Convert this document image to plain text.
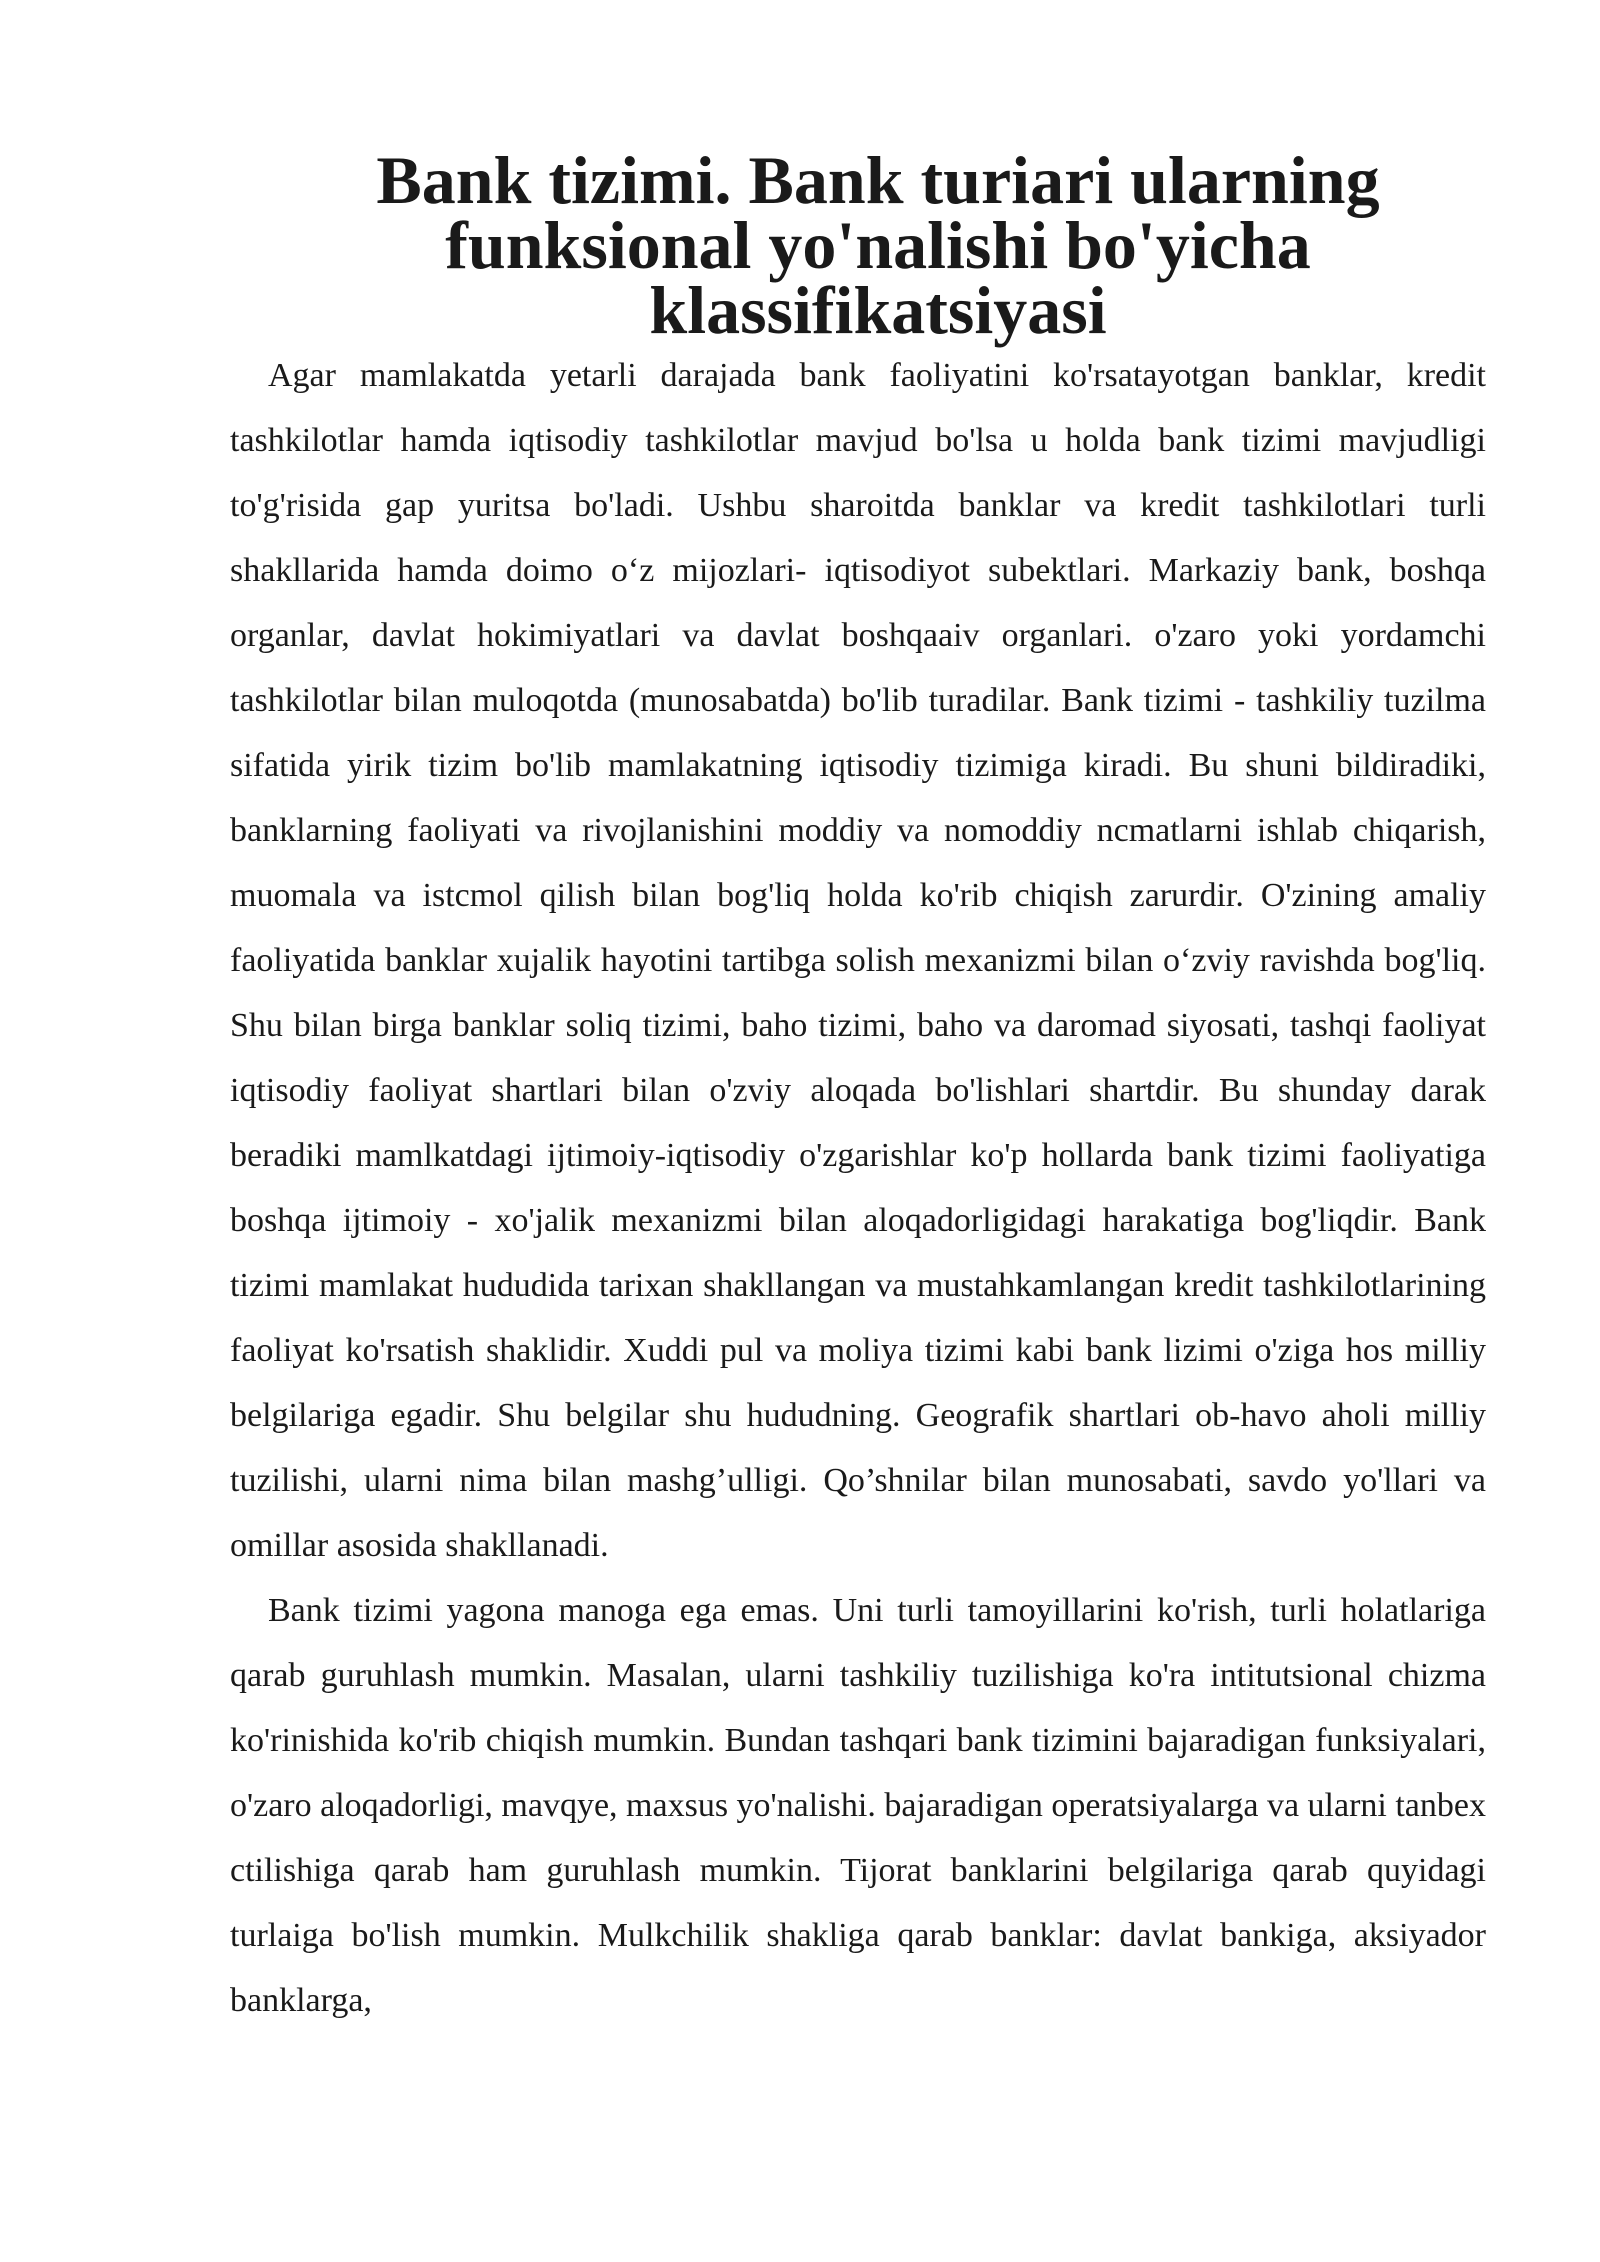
Bank tizimi. Bank turiari ularning funksional yo'nalishi bo'yicha klassifikatsiyasi

Agar mamlakatda yetarli darajada bank faoliyatini ko'rsatayotgan banklar, kredit tashkilotlar hamda iqtisodiy tashkilotlar mavjud bo'lsa u holda bank tizimi mavjudligi to'g'risida gap yuritsa bo'ladi. Ushbu sharoitda banklar va kredit tashkilotlari turli shakllarida hamda doimo o‘z mijozlari- iqtisodiyot subektlari. Markaziy bank, boshqa organlar, davlat hokimiyatlari va davlat boshqaaiv organlari. o'zaro yoki yordamchi tashkilotlar bilan muloqotda (munosabatda) bo'lib turadilar. Bank tizimi - tashkiliy tuzilma sifatida yirik tizim bo'lib mamlakatning iqtisodiy tizimiga kiradi. Bu shuni bildiradiki, banklarning faoliyati va rivojlanishini moddiy va nomoddiy ncmatlarni ishlab chiqarish, muomala va istcmol qilish bilan bog'liq holda ko'rib chiqish zarurdir. O'zining amaliy faoliyatida banklar xujalik hayotini tartibga solish mexanizmi bilan o‘zviy ravishda bog'liq. Shu bilan birga banklar soliq tizimi, baho tizimi, baho va daromad siyosati, tashqi faoliyat iqtisodiy faoliyat shartlari bilan o'zviy aloqada bo'lishlari shartdir. Bu shunday darak beradiki mamlkatdagi ijtimoiy-iqtisodiy o'zgarishlar ko'p hollarda bank tizimi faoliyatiga boshqa ijtimoiy - xo'jalik mexanizmi bilan aloqadorligidagi harakatiga bog'liqdir. Bank tizimi mamlakat hududida tarixan shakllangan va mustahkamlangan kredit tashkilotlarining faoliyat ko'rsatish shaklidir. Xuddi pul va moliya tizimi kabi bank lizimi o'ziga hos milliy belgilariga egadir. Shu belgilar shu hududning. Geografik shartlari ob-havo aholi milliy tuzilishi, ularni nima bilan mashg’ulligi. Qo’shnilar bilan munosabati, savdo yo'llari va omillar asosida shakllanadi.

Bank tizimi yagona manoga ega emas. Uni turli tamoyillarini ko'rish, turli holatlariga qarab guruhlash mumkin. Masalan, ularni tashkiliy tuzilishiga ko'ra intitutsional chizma ko'rinishida ko'rib chiqish mumkin. Bundan tashqari bank tizimini bajaradigan funksiyalari, o'zaro aloqadorligi, mavqye, maxsus yo'nalishi. bajaradigan operatsiyalarga va ularni tanbex ctilishiga qarab ham guruhlash mumkin. Tijorat banklarini belgilariga qarab quyidagi turlaiga bo'lish mumkin. Mulkchilik shakliga qarab banklar: davlat bankiga, aksiyador banklarga,
